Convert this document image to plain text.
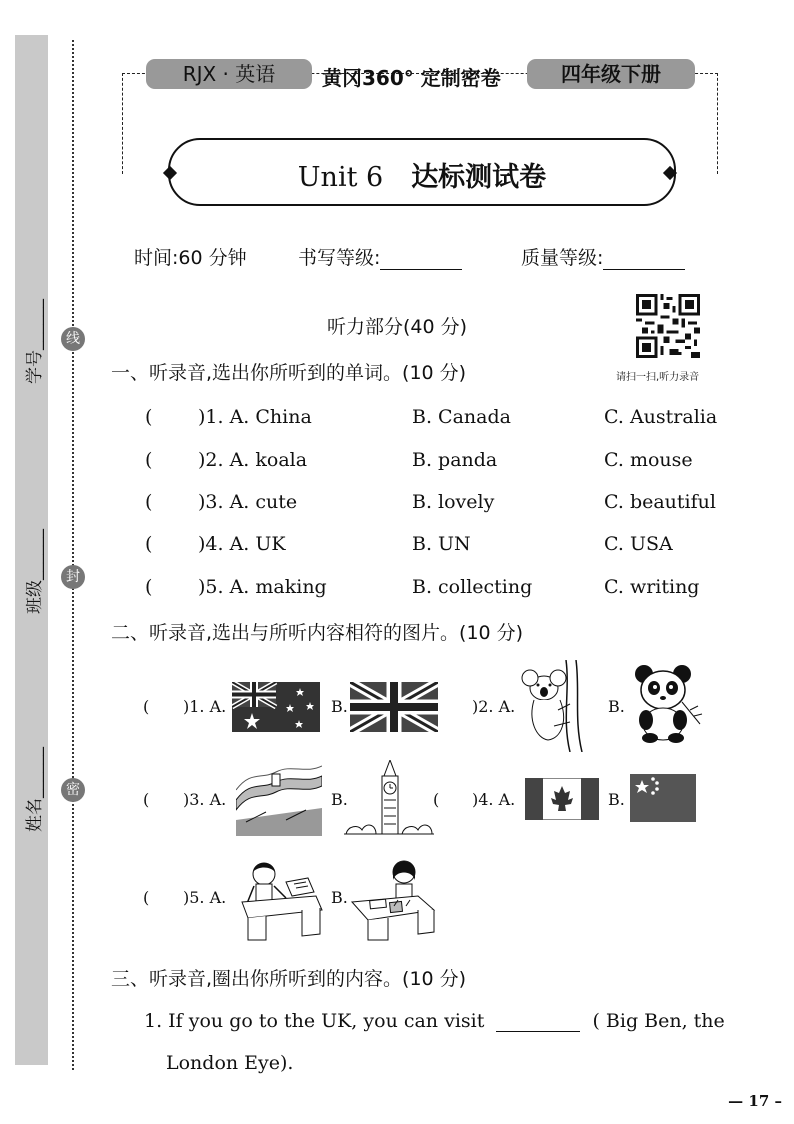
学号______
班级______
姓名______
线
封
密
RJX · 英语	黄冈360° 定制密卷	四年级下册
Unit 6 达标测试卷
时间:60 分钟	书写等级:	质量等级:
听力部分(40 分)
请扫一扫,听力录音
一、听录音,选出你所听到的单词。(10 分)
( )1. A. China	B. Canada	C. Australia
( )2. A. koala	B. panda	C. mouse
( )3. A. cute	B. lovely	C. beautiful
( )4. A. UK	B. UN	C. USA
( )5. A. making	B. collecting	C. writing
二、听录音,选出与所听内容相符的图片。(10 分)
( )1. A.	B.	)2. A.	B.
( )3. A.	B.	( )4. A.	B.
( )5. A.	B.
三、听录音,圈出你所听到的内容。(10 分)
1. If you go to the UK, you can visit	( Big Ben, the
London Eye).
— 17 –
